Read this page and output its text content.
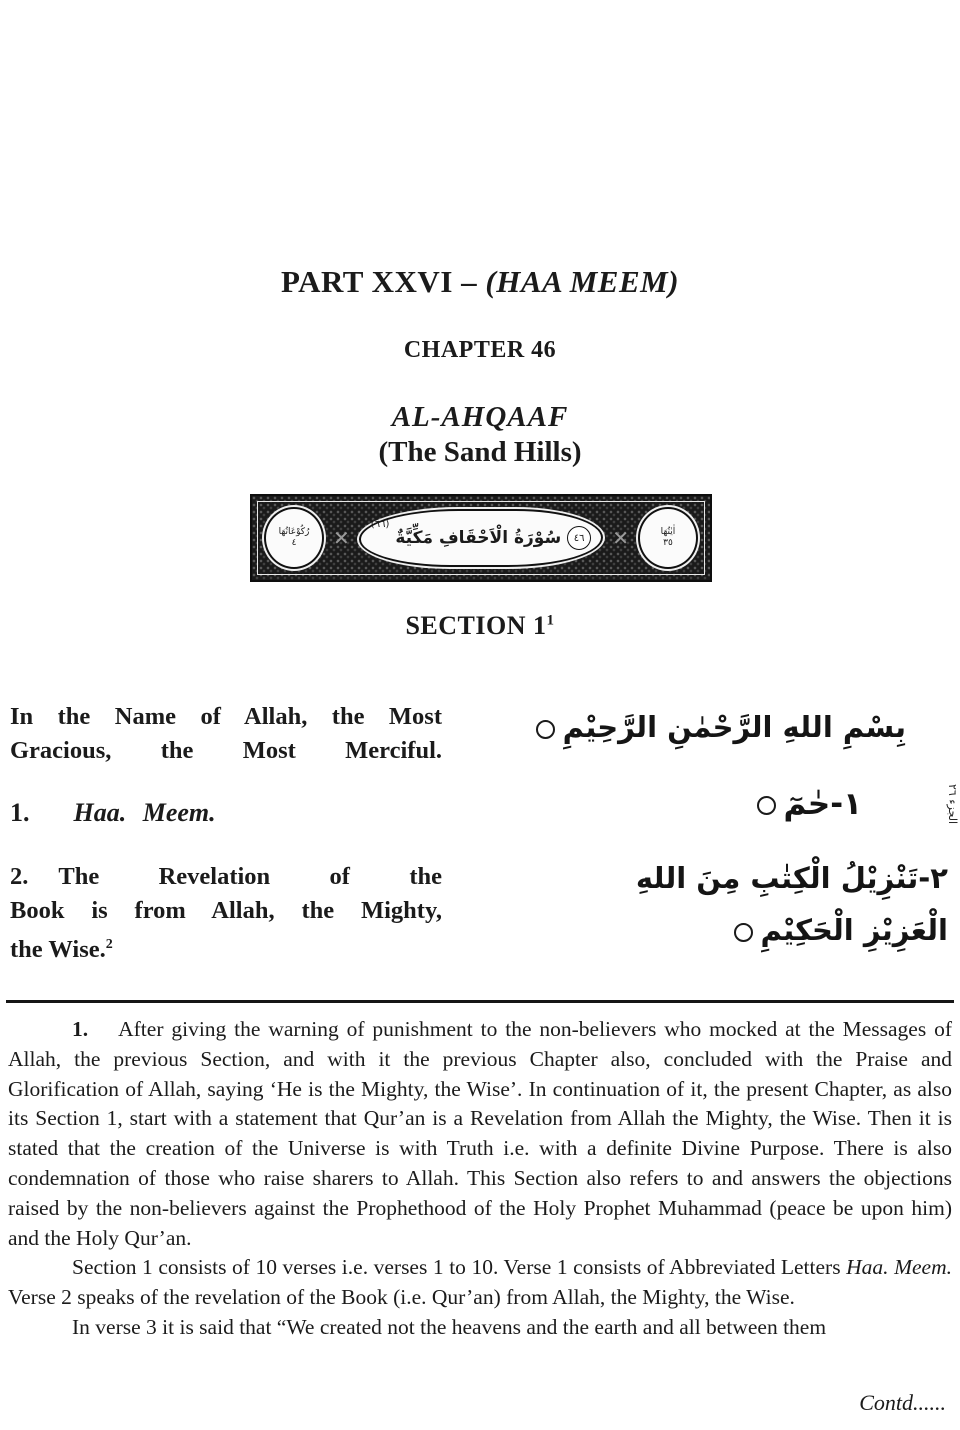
PART XXVI – (HAA MEEM)
CHAPTER 46
AL-AHQAAF
(The Sand Hills)
رُكُوْعَاتُهَا
٤ ✕	٤٦
سُوْرَةُ الْاَحْقَافِ مَكِّيَّةٌ
(٦٦)
✕	اٰيٰتُهَا
٣٥
SECTION $1^1$
In the Name of Allah, the Most
Gracious, the Most Merciful.
بِسْمِ اللهِ الرَّحْمٰنِ الرَّحِيْمِ
1. Haa. Meem.	١-حٰمٓ
2. The Revelation of the
Book is from Allah, the Mighty,
the Wise.$^2$
٢-تَنْزِيْلُ الْكِتٰبِ مِنَ اللهِ
الْعَزِيْزِ الْحَكِيْمِ
الجزء ٢٦

1. After giving the warning of punishment to the non-believers who mocked at the Messages of Allah, the previous Section, and with it the previous Chapter also, concluded with the Praise and Glorification of Allah, saying ‘He is the Mighty, the Wise’. In continuation of it, the present Chapter, as also its Section 1, start with a statement that Qur’an is a Revelation from Allah the Mighty, the Wise. Then it is stated that the creation of the Universe is with Truth i.e. with a definite Divine Purpose. There is also condemnation of those who raise sharers to Allah. This Section also refers to and answers the objections raised by the non-believers against the Prophethood of the Holy Prophet Muhammad (peace be upon him) and the Holy Qur’an.

Section 1 consists of 10 verses i.e. verses 1 to 10. Verse 1 consists of Abbreviated Letters Haa. Meem. Verse 2 speaks of the revelation of the Book (i.e. Qur’an) from Allah, the Mighty, the Wise.

In verse 3 it is said that “We created not the heavens and the earth and all between them

Contd......
